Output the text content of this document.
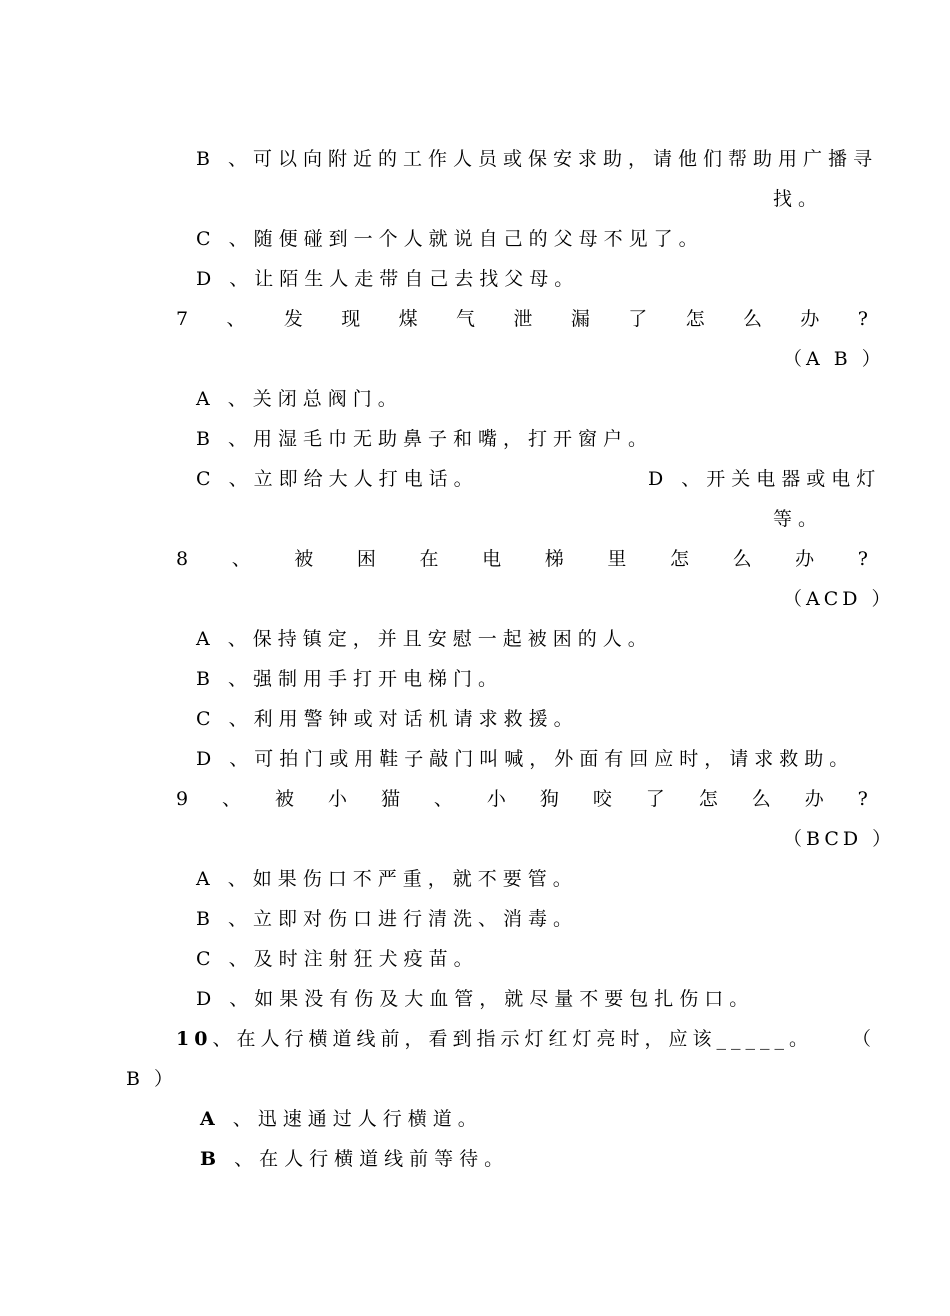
B 、可以向附近的工作人员或保安求助，请他们帮助用广播寻
找。
C 、随便碰到一个人就说自己的父母不见了。
D 、让陌生人走带自己去找父母。
7 、 发 现 煤 气 泄 漏 了 怎 么 办 ?
（A B ）
A 、关闭总阀门。
B 、用湿毛巾无助鼻子和嘴，打开窗户。
C 、立即给大人打电话。	D 、开关电器或电灯
等。
8 、 被 困 在 电 梯 里 怎 么 办 ?
（ACD ）
A 、保持镇定，并且安慰一起被困的人。
B 、强制用手打开电梯门。
C 、利用警钟或对话机请求救援。
D 、可拍门或用鞋子敲门叫喊，外面有回应时，请求救助。
9 、 被 小 猫 、 小 狗 咬 了 怎 么 办 ?
（BCD ）
A 、如果伤口不严重，就不要管。
B 、立即对伤口进行清洗、消毒。
C 、及时注射狂犬疫苗。
D 、如果没有伤及大血管，就尽量不要包扎伤口。
10、在人行横道线前，看到指示灯红灯亮时，应该_____。 （
B ）
A 、迅速通过人行横道。
B 、在人行横道线前等待。
